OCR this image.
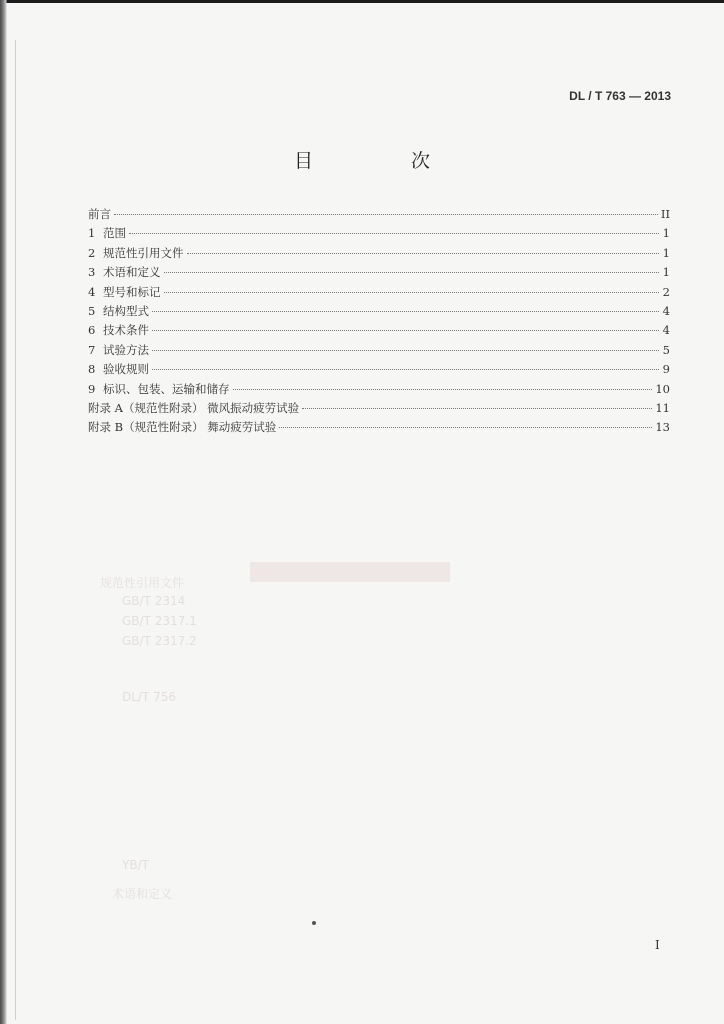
规范性引用文件
GB/T 2314
GB/T 2317.1
GB/T 2317.2
DL/T 756
YB/T
术语和定义
DL / T 763 — 2013
目 次
前言	II
1 范围	1
2 规范性引用文件	1
3 术语和定义	1
4 型号和标记	2
5 结构型式	4
6 技术条件	4
7 试验方法	5
8 验收规则	9
9 标识、包装、运输和储存	10
附录 A（规范性附录） 微风振动疲劳试验	11
附录 B（规范性附录） 舞动疲劳试验	13
I
